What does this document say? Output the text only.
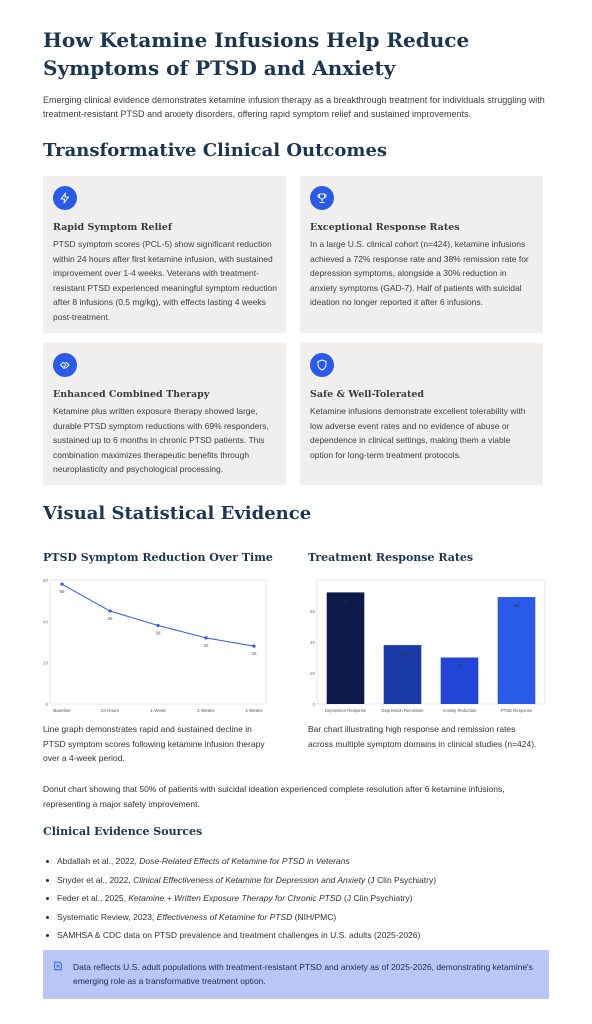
How Ketamine Infusions Help Reduce Symptoms of PTSD and Anxiety

Emerging clinical evidence demonstrates ketamine infusion therapy as a breakthrough treatment for individuals struggling with treatment-resistant PTSD and anxiety disorders, offering rapid symptom relief and sustained improvements.

Transformative Clinical Outcomes
Rapid Symptom Relief
PTSD symptom scores (PCL-5) show significant reduction within 24 hours after first ketamine infusion, with sustained improvement over 1-4 weeks. Veterans with treatment-resistant PTSD experienced meaningful symptom reduction after 8 infusions (0.5 mg/kg), with effects lasting 4 weeks post-treatment.
Exceptional Response Rates
In a large U.S. clinical cohort (n=424), ketamine infusions achieved a 72% response rate and 38% remission rate for depression symptoms, alongside a 30% reduction in anxiety symptoms (GAD-7). Half of patients with suicidal ideation no longer reported it after 6 infusions.
Enhanced Combined Therapy
Ketamine plus written exposure therapy showed large, durable PTSD symptom reductions with 69% responders, sustained up to 6 months in chronic PTSD patients. This combination maximizes therapeutic benefits through neuroplasticity and psychological processing.
Safe & Well-Tolerated
Ketamine infusions demonstrate excellent tolerability with low adverse event rates and no evidence of abuse or dependence in clinical settings, making them a viable option for long-term treatment protocols.
Visual Statistical Evidence
PTSD Symptom Reduction Over Time	Treatment Response Rates
0
20
40
60
Baseline	24 Hours	1 Week	2 Weeks	4 Weeks
58
45
38
32
28
0
20
40
60
72
Depression Response
38
Depression Remission
30
Anxiety Reduction
69
PTSD Response

Line graph demonstrates rapid and sustained decline in PTSD symptom scores following ketamine infusion therapy over a 4-week period.

Bar chart illustrating high response and remission rates across multiple symptom domains in clinical studies (n=424).

Donut chart showing that 50% of patients with suicidal ideation experienced complete resolution after 6 ketamine infusions, representing a major safety improvement.

Clinical Evidence Sources
Abdallah et al., 2022, Dose-Related Effects of Ketamine for PTSD in Veterans
Snyder et al., 2022, Clinical Effectiveness of Ketamine for Depression and Anxiety (J Clin Psychiatry)
Feder et al., 2025, Ketamine + Written Exposure Therapy for Chronic PTSD (J Clin Psychiatry)
Systematic Review, 2023, Effectiveness of Ketamine for PTSD (NIH/PMC)
SAMHSA & CDC data on PTSD prevalence and treatment challenges in U.S. adults (2025-2026)
Data reflects U.S. adult populations with treatment-resistant PTSD and anxiety as of 2025-2026, demonstrating ketamine's emerging role as a transformative treatment option.
